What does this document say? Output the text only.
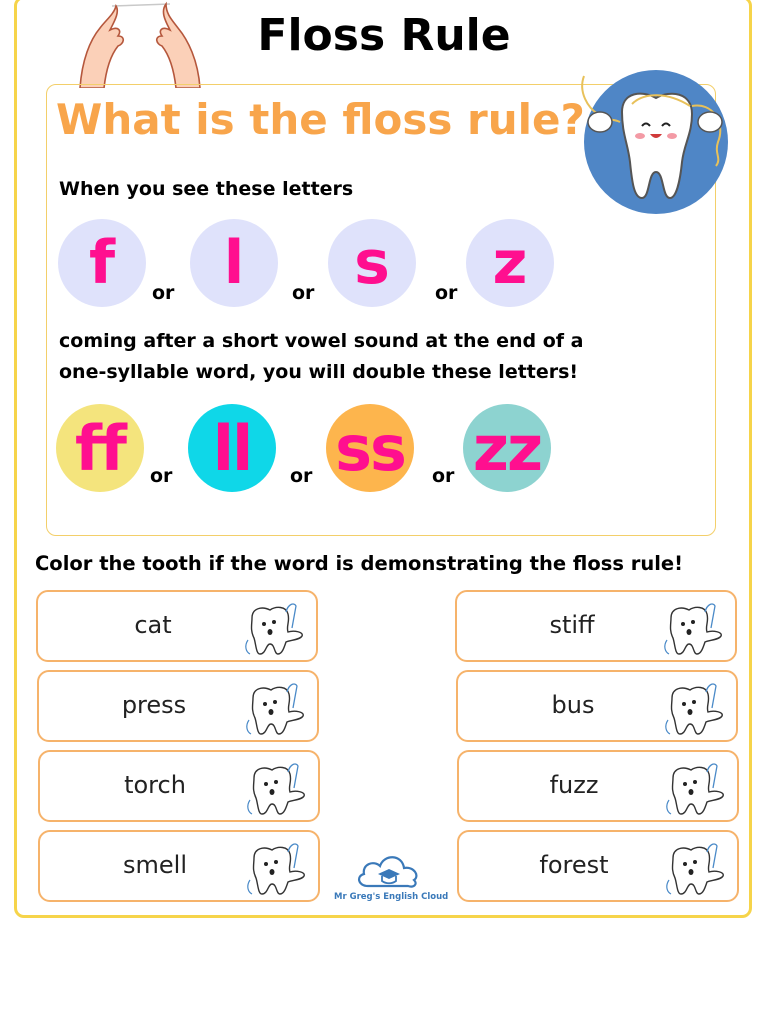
Floss Rule
What is the floss rule?
When you see these letters
f or l	or s or z
coming after a short vowel sound at the end of a
one-syllable word, you will double these letters!
ff or ll or ss or zz
Color the tooth if the word is demonstrating the floss rule!
cat
press
torch
smell
stiff
bus
fuzz
forest
Mr Greg's English Cloud
